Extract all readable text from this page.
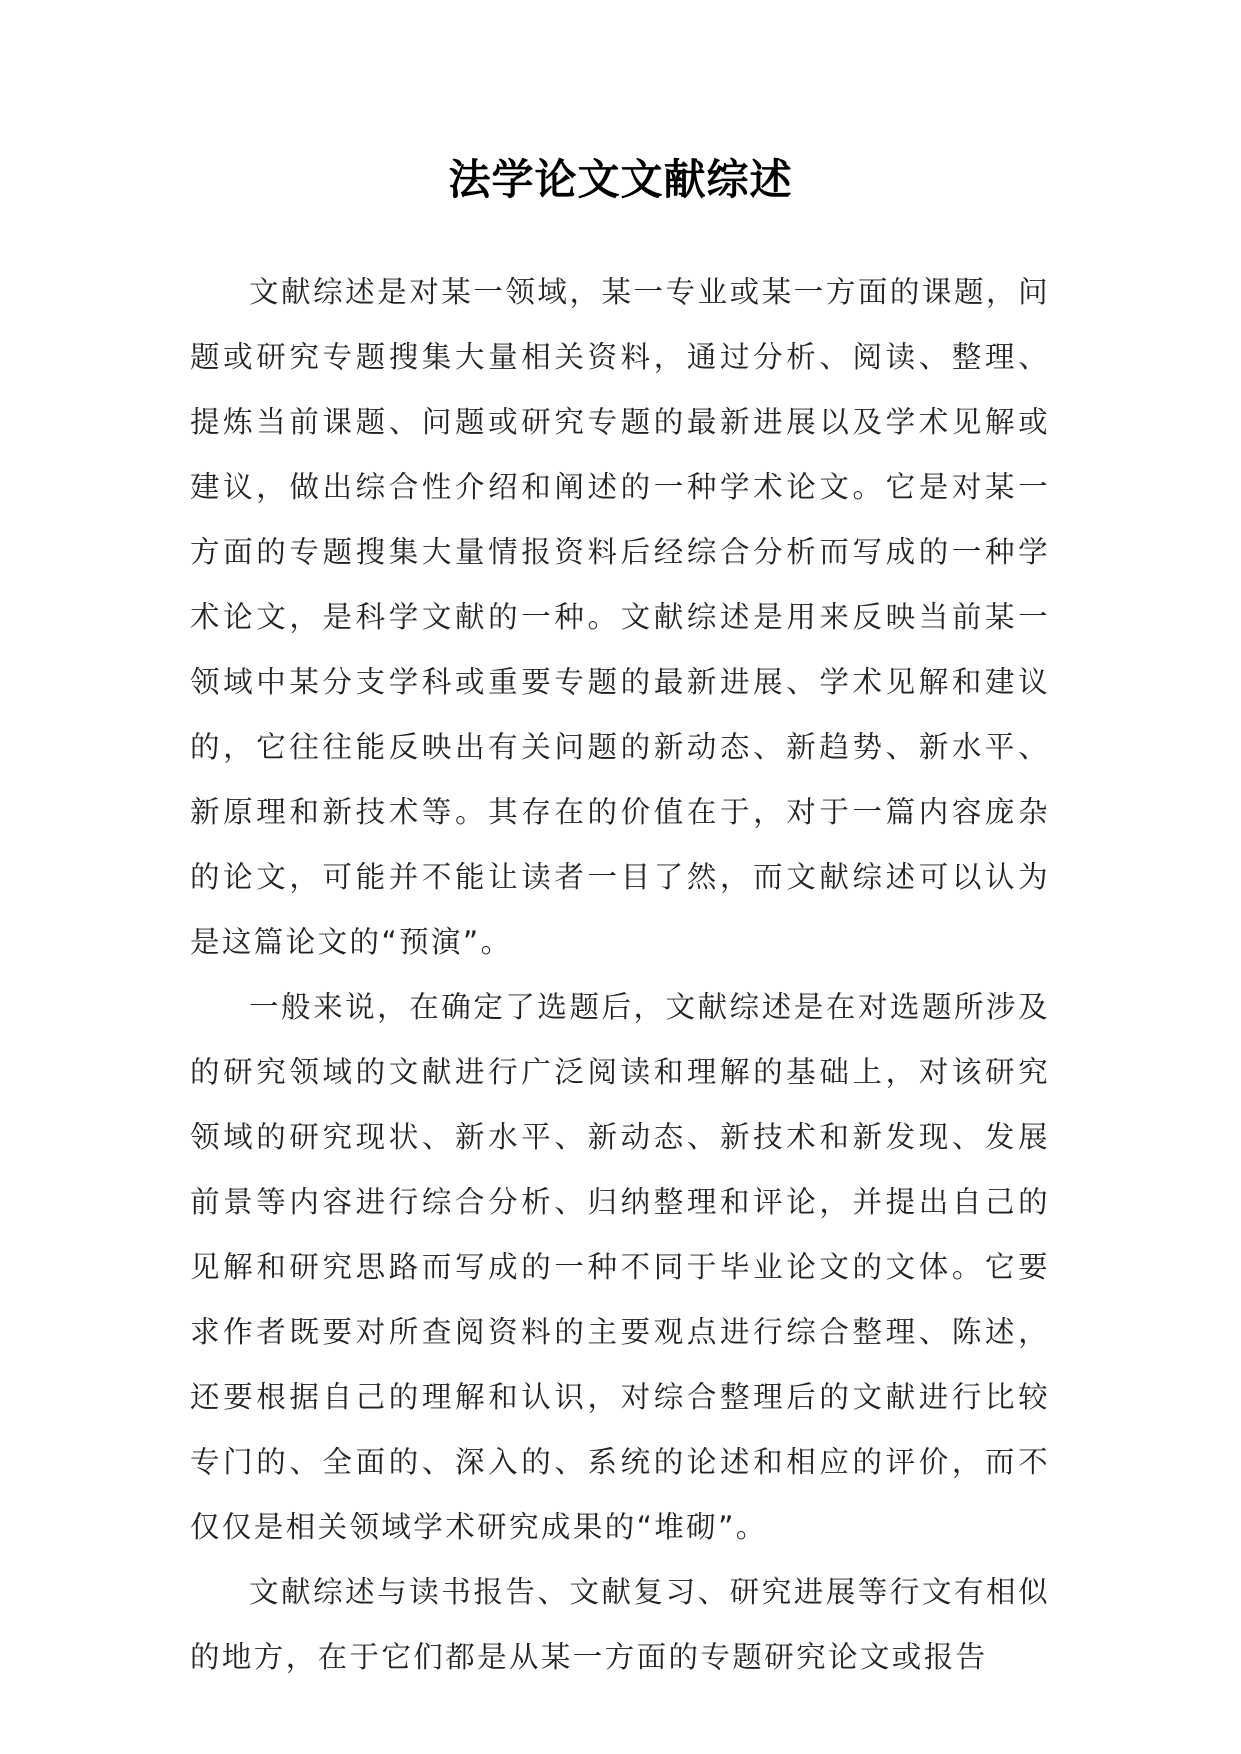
法学论文文献综述

文献综述是对某一领域，某一专业或某一方面的课题，问题或研究专题搜集大量相关资料，通过分析、阅读、整理、提炼当前课题、问题或研究专题的最新进展以及学术见解或建议，做出综合性介绍和阐述的一种学术论文。它是对某一方面的专题搜集大量情报资料后经综合分析而写成的一种学术论文，是科学文献的一种。文献综述是用来反映当前某一领域中某分支学科或重要专题的最新进展、学术见解和建议的，它往往能反映出有关问题的新动态、新趋势、新水平、新原理和新技术等。其存在的价值在于，对于一篇内容庞杂的论文，可能并不能让读者一目了然，而文献综述可以认为是这篇论文的“预演”。

一般来说，在确定了选题后，文献综述是在对选题所涉及的研究领域的文献进行广泛阅读和理解的基础上，对该研究领域的研究现状、新水平、新动态、新技术和新发现、发展前景等内容进行综合分析、归纳整理和评论，并提出自己的见解和研究思路而写成的一种不同于毕业论文的文体。它要求作者既要对所查阅资料的主要观点进行综合整理、陈述，还要根据自己的理解和认识，对综合整理后的文献进行比较专门的、全面的、深入的、系统的论述和相应的评价，而不仅仅是相关领域学术研究成果的“堆砌”。

文献综述与读书报告、文献复习、研究进展等行文有相似的地方，在于它们都是从某一方面的专题研究论文或报告
